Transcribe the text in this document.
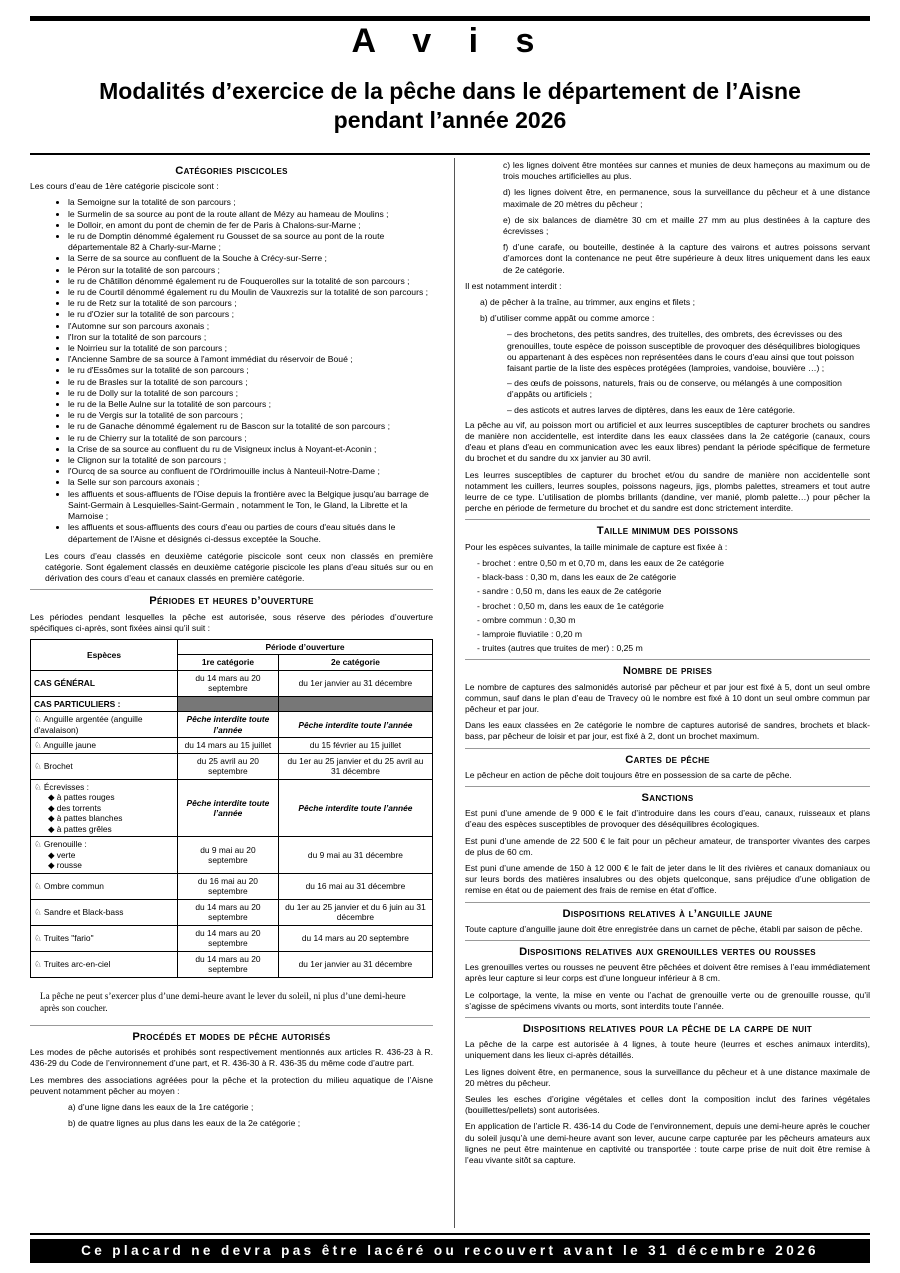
A v i s
Modalités d’exercice de la pêche dans le département de l’Aisne
pendant l’année 2026
Catégories piscicoles

Les cours d’eau de 1ère catégorie piscicole sont :

• la Semoigne sur la totalité de son parcours ;
• le Surmelin de sa source au pont de la route allant de Mézy au hameau de Moulins ;
• le Dolloir, en amont du pont de chemin de fer de Paris à Chalons-sur-Marne ;
• le ru de Domptin dénommé également ru Gousset de sa source au pont de la route départementale 82 à Charly-sur-Marne ;
• la Serre de sa source au confluent de la Souche à Crécy-sur-Serre ;
• le Péron sur la totalité de son parcours ;
• le ru de Châtillon dénommé également ru de Fouquerolles sur la totalité de son parcours ;
• le ru de Courtil dénommé également ru du Moulin de Vauxrezis sur la totalité de son parcours ;
• le ru de Retz sur la totalité de son parcours ;
• le ru d'Ozier sur la totalité de son parcours ;
• l'Automne sur son parcours axonais ;
• l'Iron sur la totalité de son parcours ;
• le Noirrieu sur la totalité de son parcours ;
• l'Ancienne Sambre de sa source à l'amont immédiat du réservoir de Boué ;
• le ru d'Essômes sur la totalité de son parcours ;
• le ru de Brasles sur la totalité de son parcours ;
• le ru de Dolly sur la totalité de son parcours ;
• le ru de la Belle Aulne sur la totalité de son parcours ;
• le ru de Vergis sur la totalité de son parcours ;
• le ru de Ganache dénommé également ru de Bascon sur la totalité de son parcours ;
• le ru de Chierry sur la totalité de son parcours ;
• la Crise de sa source au confluent du ru de Visigneux inclus à Noyant-et-Aconin ;
• le Clignon sur la totalité de son parcours ;
• l'Ourcq de sa source au confluent de l'Ordrimouille inclus à Nanteuil-Notre-Dame ;
• la Selle sur son parcours axonais ;
• les affluents et sous-affluents de l'Oise depuis la frontière avec la Belgique jusqu'au barrage de Saint-Germain à Lesquielles-Saint-Germain , notamment le Ton, le Gland, la Librette et la Marnoise ;
• les affluents et sous-affluents des cours d'eau ou parties de cours d'eau situés dans le département de l'Aisne et désignés ci-dessus exceptée la Souche.

Les cours d’eau classés en deuxième catégorie piscicole sont ceux non classés en première catégorie. Sont également classés en deuxième catégorie piscicole les plans d’eau situés sur ou en dérivation des cours d’eau et canaux classés en première catégorie.

Périodes et heures d’ouverture

Les périodes pendant lesquelles la pêche est autorisée, sous réserve des périodes d’ouverture spécifiques ci-après, sont fixées ainsi qu’il suit :

Espèces	Période d’ouverture	
	1re catégorie	2e catégorie
CAS GÉNÉRAL	du 14 mars au 20 septembre	du 1er janvier au 31 décembre
CAS PARTICULIERS :		
♘ Anguille argentée (anguille d'avalaison)	Pêche interdite toute l’année	Pêche interdite toute l’année
♘ Anguille jaune	du 14 mars au 15 juillet	du 15 février au 15 juillet
♘ Brochet	du 25 avril au 20 septembre	du 1er au 25 janvier et du 25 avril au 31 décembre
♘ Écrevisses :
◆ à pattes rouges
◆ des torrents
◆ à pattes blanches
◆ à pattes grêles	Pêche interdite toute l’année	Pêche interdite toute l’année
♘ Grenouille :
◆ verte
◆ rousse	du 9 mai au 20 septembre	du 9 mai au 31 décembre
♘ Ombre commun	du 16 mai au 20 septembre	du 16 mai au 31 décembre
♘ Sandre et Black-bass	du 14 mars au 20 septembre	du 1er au 25 janvier et du 6 juin au 31 décembre
♘ Truites "fario"	du 14 mars au 20 septembre	du 14 mars au 20 septembre
♘ Truites arc-en-ciel	du 14 mars au 20 septembre	du 1er janvier au 31 décembre
La pêche ne peut s’exercer plus d’une demi-heure avant le lever du soleil, ni plus d’une demi-heure après son coucher.
Procédés et modes de pêche autorisés

Les modes de pêche autorisés et prohibés sont respectivement mentionnés aux articles R. 436-23 à R. 436-29 du Code de l’environnement d’une part, et R. 436-30 à R. 436-35 du même code d’autre part.

Les membres des associations agréées pour la pêche et la protection du milieu aquatique de l’Aisne peuvent notamment pêcher au moyen :

a) d’une ligne dans les eaux de la 1re catégorie ;

b) de quatre lignes au plus dans les eaux de la 2e catégorie ;

c) les lignes doivent être montées sur cannes et munies de deux hameçons au maximum ou de trois mouches artificielles au plus.

d) les lignes doivent être, en permanence, sous la surveillance du pêcheur et à une distance maximale de 20 mètres du pêcheur ;

e) de six balances de diamètre 30 cm et maille 27 mm au plus destinées à la capture des écrevisses ;

f) d’une carafe, ou bouteille, destinée à la capture des vairons et autres poissons servant d’amorces dont la contenance ne peut être supérieure à deux litres uniquement dans les eaux de 2e catégorie.

Il est notamment interdit :

a) de pêcher à la traîne, au trimmer, aux engins et filets ;

b) d’utiliser comme appât ou comme amorce :

– des brochetons, des petits sandres, des truitelles, des ombrets, des écrevisses ou des grenouilles, toute espèce de poisson susceptible de provoquer des déséquilibres biologiques ou appartenant à des espèces non représentées dans le cours d'eau ainsi que tout poisson faisant partie de la liste des espèces protégées (lamproies, vandoise, bouvière …) ;
– des œufs de poissons, naturels, frais ou de conserve, ou mélangés à une composition d’appâts ou artificiels ;
– des asticots et autres larves de diptères, dans les eaux de 1ère catégorie.

La pêche au vif, au poisson mort ou artificiel et aux leurres susceptibles de capturer brochets ou sandres de manière non accidentelle, est interdite dans les eaux classées dans la 2e catégorie (canaux, cours d'eau et plans d'eau en communication avec les eaux libres) pendant la période spécifique de fermeture du brochet et du sandre du xx janvier au 30 avril.

Les leurres susceptibles de capturer du brochet et/ou du sandre de manière non accidentelle sont notamment les cuillers, leurres souples, poissons nageurs, jigs, plombs palettes, streamers et tout autre leurre de ce type. L’utilisation de plombs brillants (dandine, ver manié, plomb palette…) pour pêcher la perche en période de fermeture du brochet et du sandre est donc strictement interdite.

Taille minimum des poissons

Pour les espèces suivantes, la taille minimale de capture est fixée à :

- brochet : entre 0,50 m et 0,70 m, dans les eaux de 2e catégorie
- black-bass : 0,30 m, dans les eaux de 2e catégorie
- sandre : 0,50 m, dans les eaux de 2e catégorie
- brochet : 0,50 m, dans les eaux de 1e catégorie
- ombre commun : 0,30 m
- lamproie fluviatile : 0,20 m
- truites (autres que truites de mer) : 0,25 m
Nombre de prises

Le nombre de captures des salmonidés autorisé par pêcheur et par jour est fixé à 5, dont un seul ombre commun, sauf dans le plan d’eau de Travecy où le nombre est fixé à 10 dont un seul ombre commun par pêcheur et par jour.

Dans les eaux classées en 2e catégorie le nombre de captures autorisé de sandres, brochets et black-bass, par pêcheur de loisir et par jour, est fixé à 2, dont un brochet maximum.

Cartes de pêche

Le pêcheur en action de pêche doit toujours être en possession de sa carte de pêche.

Sanctions

Est puni d’une amende de 9 000 € le fait d’introduire dans les cours d’eau, canaux, ruisseaux et plans d’eau des espèces susceptibles de provoquer des déséquilibres écologiques.

Est puni d’une amende de 22 500 € le fait pour un pêcheur amateur, de transporter vivantes des carpes de plus de 60 cm.

Est puni d’une amende de 150 à 12 000 € le fait de jeter dans le lit des rivières et canaux domaniaux ou sur leurs bords des matières insalubres ou des objets quelconque, sans préjudice d’une obligation de remise en état ou de paiement des frais de remise en état d’office.

Dispositions relatives à l’anguille jaune

Toute capture d’anguille jaune doit être enregistrée dans un carnet de pêche, établi par saison de pêche.

Dispositions relatives aux grenouilles vertes ou rousses

Les grenouilles vertes ou rousses ne peuvent être pêchées et doivent être remises à l’eau immédiatement après leur capture si leur corps est d’une longueur inférieur à 8 cm.

Le colportage, la vente, la mise en vente ou l’achat de grenouille verte ou de grenouille rousse, qu’il s’agisse de spécimens vivants ou morts, sont interdits toute l’année.

Dispositions relatives pour la pêche de la carpe de nuit

La pêche de la carpe est autorisée à 4 lignes, à toute heure (leurres et esches animaux interdits), uniquement dans les lieux ci-après détaillés.

Les lignes doivent être, en permanence, sous la surveillance du pêcheur et à une distance maximale de 20 mètres du pêcheur.

Seules les esches d’origine végétales et celles dont la composition inclut des farines végétales (bouillettes/pellets) sont autorisées.

En application de l’article R. 436-14 du Code de l’environnement, depuis une demi-heure après le coucher du soleil jusqu’à une demi-heure avant son lever, aucune carpe capturée par les pêcheurs amateurs aux lignes ne peut être maintenue en captivité ou transportée : toute carpe prise de nuit doit être remise à l’eau vivante sitôt sa capture.

Ce placard ne devra pas être lacéré ou recouvert avant le 31 décembre 2026
